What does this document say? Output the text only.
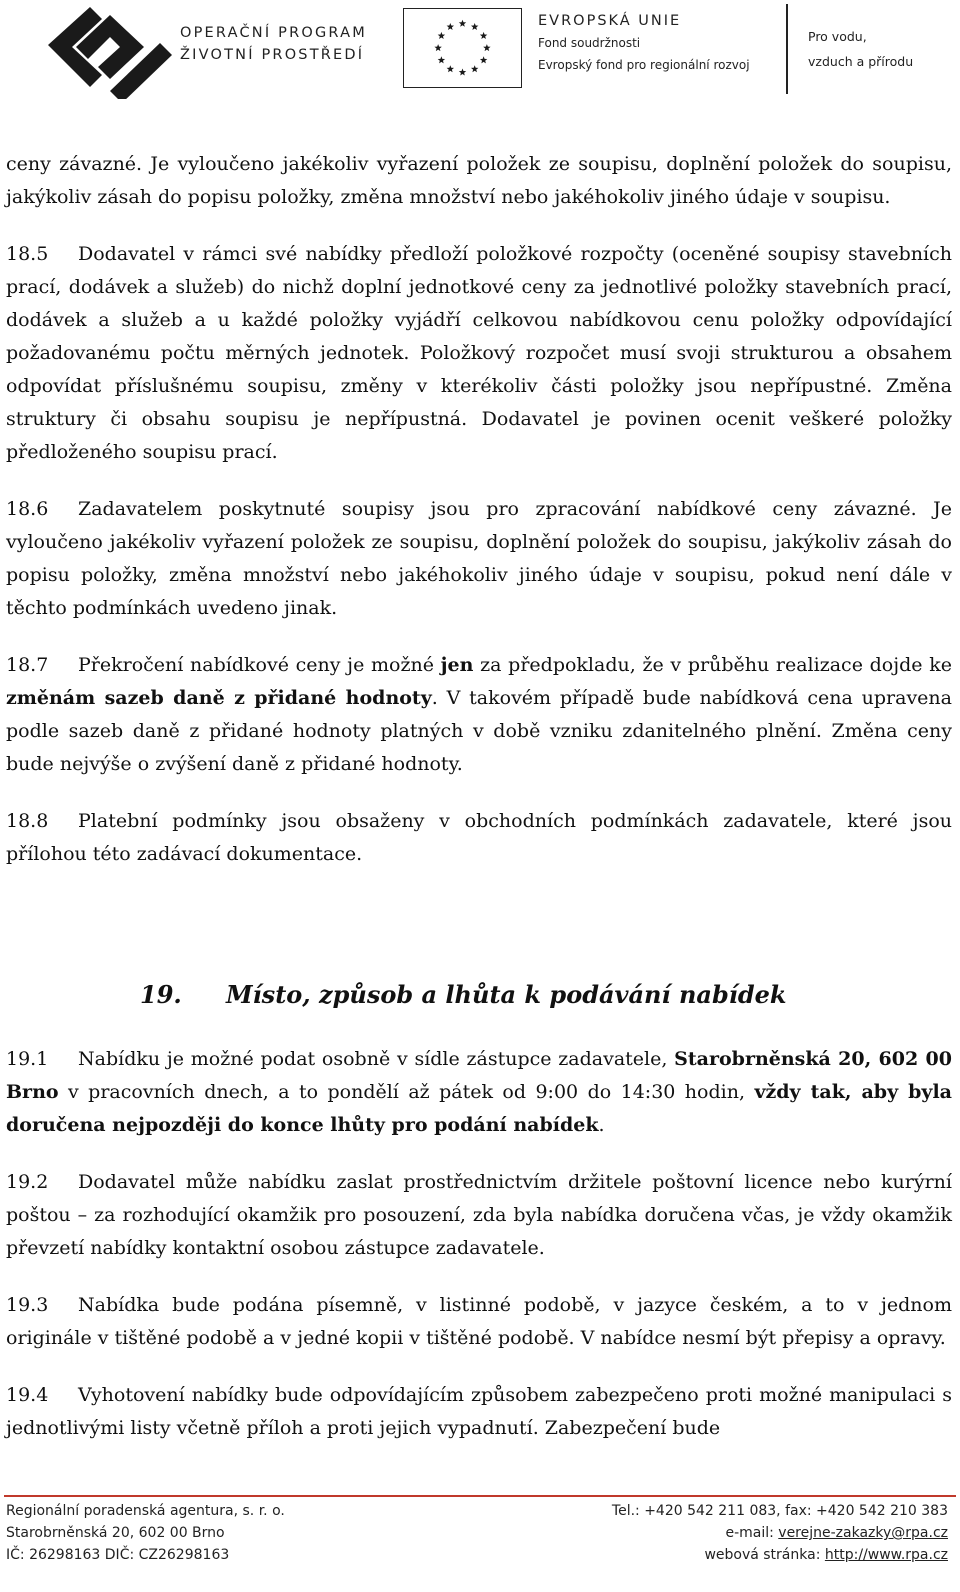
OPERAČNÍ PROGRAM
ŽIVOTNÍ PROSTŘEDÍ
EVROPSKÁ UNIE
Fond soudržnosti
Evropský fond pro regionální rozvoj
Pro vodu,
vzduch a přírodu

ceny závazné. Je vyloučeno jakékoliv vyřazení položek ze soupisu, doplnění položek do soupisu, jakýkoliv zásah do popisu položky, změna množství nebo jakéhokoliv jiného údaje v soupisu.

18.5 Dodavatel v rámci své nabídky předloží položkové rozpočty (oceněné soupisy stavebních prací, dodávek a služeb) do nichž doplní jednotkové ceny za jednotlivé položky stavebních prací, dodávek a služeb a u každé položky vyjádří celkovou nabídkovou cenu položky odpovídající požadovanému počtu měrných jednotek. Položkový rozpočet musí svoji strukturou a obsahem odpovídat příslušnému soupisu, změny v kterékoliv části položky jsou nepřípustné. Změna struktury či obsahu soupisu je nepřípustná. Dodavatel je povinen ocenit veškeré položky předloženého soupisu prací.

18.6 Zadavatelem poskytnuté soupisy jsou pro zpracování nabídkové ceny závazné. Je vyloučeno jakékoliv vyřazení položek ze soupisu, doplnění položek do soupisu, jakýkoliv zásah do popisu položky, změna množství nebo jakéhokoliv jiného údaje v soupisu, pokud není dále v těchto podmínkách uvedeno jinak.

18.7 Překročení nabídkové ceny je možné jen za předpokladu, že v průběhu realizace dojde ke změnám sazeb daně z přidané hodnoty. V takovém případě bude nabídková cena upravena podle sazeb daně z přidané hodnoty platných v době vzniku zdanitelného plnění. Změna ceny bude nejvýše o zvýšení daně z přidané hodnoty.

18.8 Platební podmínky jsou obsaženy v obchodních podmínkách zadavatele, které jsou přílohou této zadávací dokumentace.

19. Místo, způsob a lhůta k podávání nabídek

19.1 Nabídku je možné podat osobně v sídle zástupce zadavatele, Starobrněnská 20, 602 00 Brno v pracovních dnech, a to pondělí až pátek od 9:00 do 14:30 hodin, vždy tak, aby byla doručena nejpozději do konce lhůty pro podání nabídek.

19.2 Dodavatel může nabídku zaslat prostřednictvím držitele poštovní licence nebo kurýrní poštou – za rozhodující okamžik pro posouzení, zda byla nabídka doručena včas, je vždy okamžik převzetí nabídky kontaktní osobou zástupce zadavatele.

19.3 Nabídka bude podána písemně, v listinné podobě, v jazyce českém, a to v jednom originále v tištěné podobě a v jedné kopii v tištěné podobě. V nabídce nesmí být přepisy a opravy.

19.4 Vyhotovení nabídky bude odpovídajícím způsobem zabezpečeno proti možné manipulaci s jednotlivými listy včetně příloh a proti jejich vypadnutí. Zabezpečení bude

Regionální poradenská agentura, s. r. o.
Starobrněnská 20, 602 00 Brno
IČ: 26298163 DIČ: CZ26298163
Tel.: +420 542 211 083, fax: +420 542 210 383
e-mail: verejne-zakazky@rpa.cz
webová stránka: http://www.rpa.cz
